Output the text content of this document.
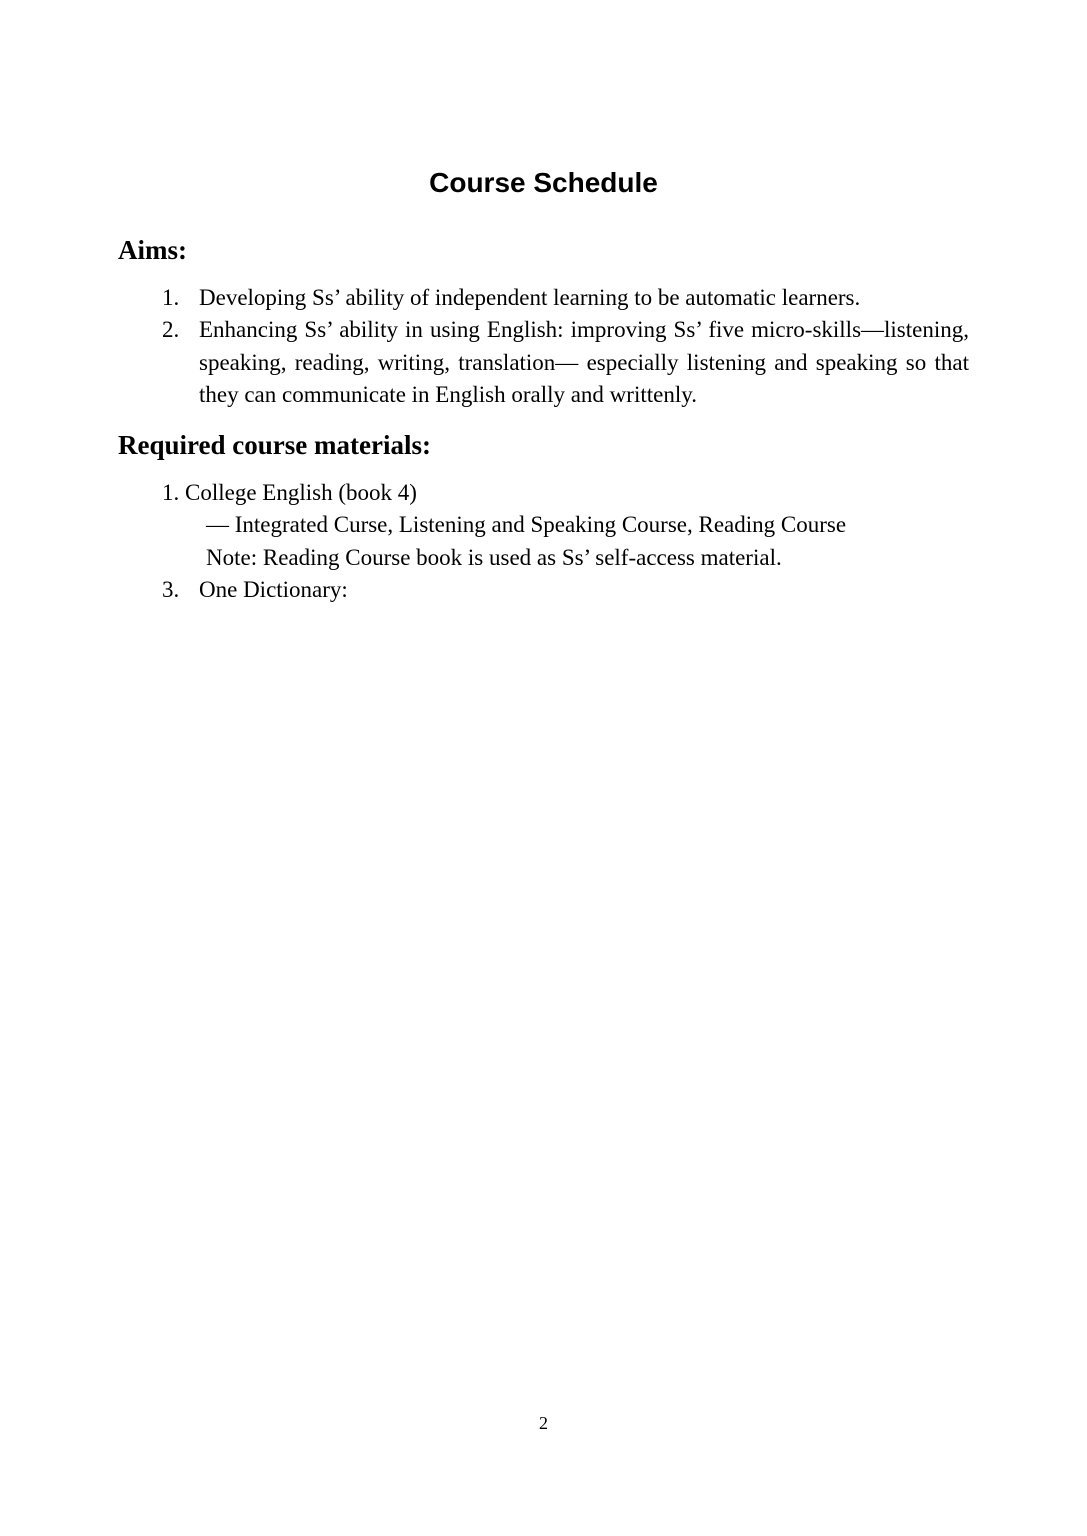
Course Schedule
Aims:
1. Developing Ss’ ability of independent learning to be automatic learners.

2. Enhancing Ss’ ability in using English: improving Ss’ five micro-skills—listening, speaking, reading, writing, translation— especially listening and speaking so that they can communicate in English orally and writtenly.

Required course materials:
1. College English (book 4)
— Integrated Curse, Listening and Speaking Course, Reading Course
Note: Reading Course book is used as Ss’ self-access material.
3. One Dictionary:

2
